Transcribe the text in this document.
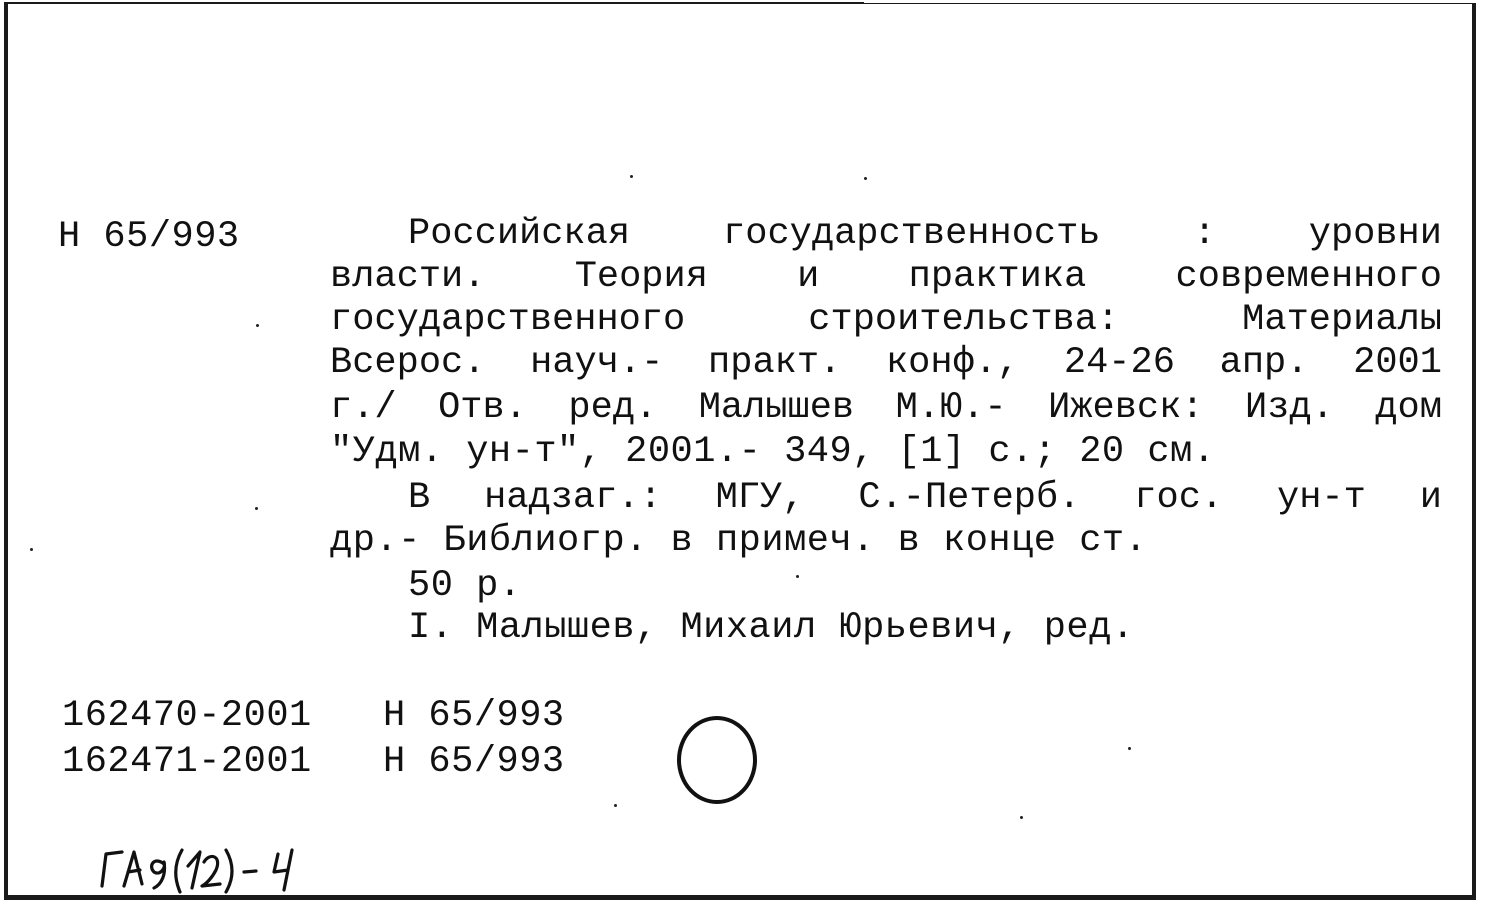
Н 65/993	Российская	государственность	:	уровни
власти. Теория и практика современного
государственного	строительства:	Материалы
Всерос. науч.- практ. конф., 24-26 апр. 2001
г./ Отв. ред. Малышев М.Ю.- Ижевск: Изд. дом
"Удм. ун-т", 2001.- 349, [1] с.; 20 см.
В надзаг.: МГУ, С.-Петерб. гос. ун-т и
др.- Библиогр. в примеч. в конце ст.
50 р.
I. Малышев, Михаил Юрьевич, ред.
162470-2001 Н 65/993
162471-2001 Н 65/993
